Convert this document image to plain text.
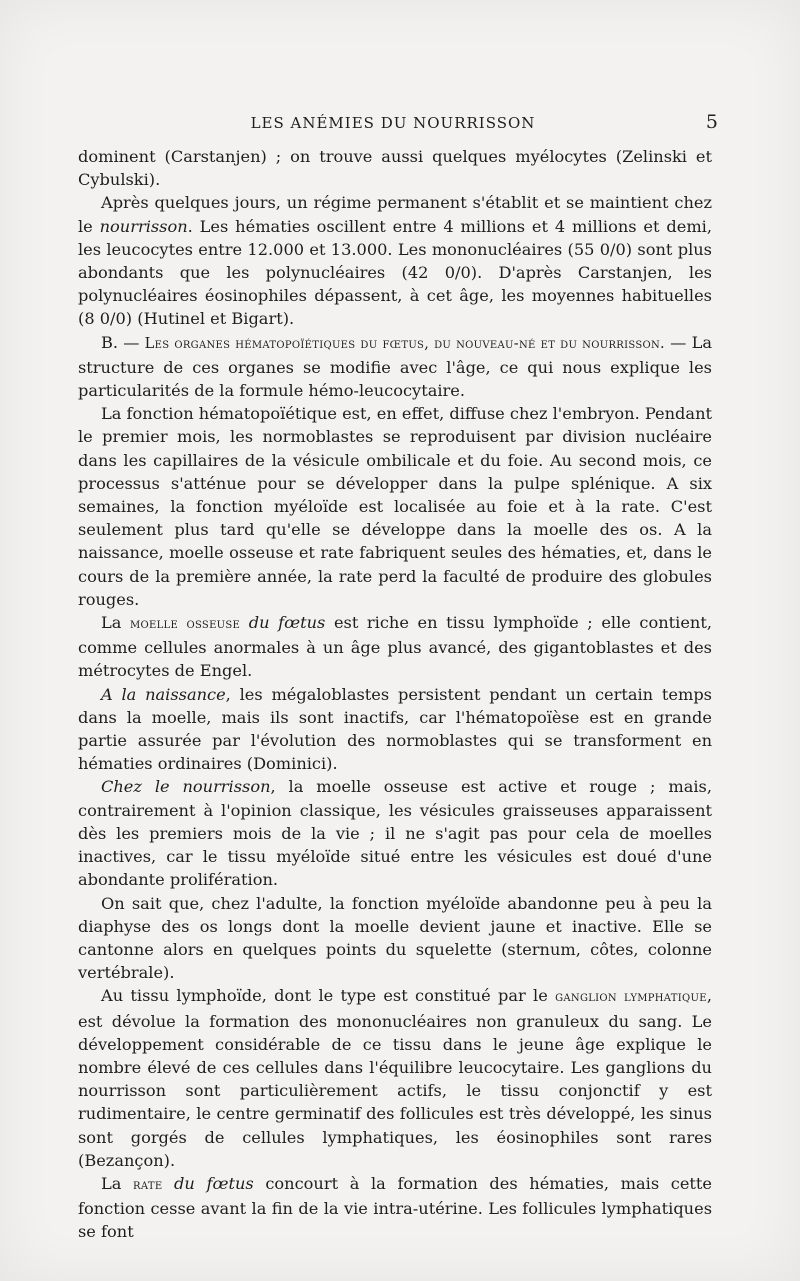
LES ANÉMIES DU NOURRISSON	5

dominent (Carstanjen) ; on trouve aussi quelques myélocytes (Zelinski et Cybulski).

Après quelques jours, un régime permanent s'établit et se maintient chez le nourrisson. Les hématies oscillent entre 4 millions et 4 millions et demi, les leucocytes entre 12.000 et 13.000. Les mononucléaires (55 0/0) sont plus abondants que les polynucléaires (42 0/0). D'après Carstanjen, les polynucléaires éosinophiles dépassent, à cet âge, les moyennes habituelles (8 0/0) (Hutinel et Bigart).

B. — Les organes hématopoïétiques du fœtus, du nouveau-né et du nourrisson. — La structure de ces organes se modifie avec l'âge, ce qui nous explique les particularités de la formule hémo-leucocytaire.

La fonction hématopoïétique est, en effet, diffuse chez l'embryon. Pendant le premier mois, les normoblastes se reproduisent par division nucléaire dans les capillaires de la vésicule ombilicale et du foie. Au second mois, ce processus s'atténue pour se développer dans la pulpe splénique. A six semaines, la fonction myéloïde est localisée au foie et à la rate. C'est seulement plus tard qu'elle se développe dans la moelle des os. A la naissance, moelle osseuse et rate fabriquent seules des hématies, et, dans le cours de la première année, la rate perd la faculté de produire des globules rouges.

La moelle osseuse du fœtus est riche en tissu lymphoïde ; elle contient, comme cellules anormales à un âge plus avancé, des gigantoblastes et des métrocytes de Engel.

A la naissance, les mégaloblastes persistent pendant un certain temps dans la moelle, mais ils sont inactifs, car l'hématopoïèse est en grande partie assurée par l'évolution des normoblastes qui se transforment en hématies ordinaires (Dominici).

Chez le nourrisson, la moelle osseuse est active et rouge ; mais, contrairement à l'opinion classique, les vésicules graisseuses apparaissent dès les premiers mois de la vie ; il ne s'agit pas pour cela de moelles inactives, car le tissu myéloïde situé entre les vésicules est doué d'une abondante prolifération.

On sait que, chez l'adulte, la fonction myéloïde abandonne peu à peu la diaphyse des os longs dont la moelle devient jaune et inactive. Elle se cantonne alors en quelques points du squelette (sternum, côtes, colonne vertébrale).

Au tissu lymphoïde, dont le type est constitué par le ganglion lymphatique, est dévolue la formation des mononucléaires non granuleux du sang. Le développement considérable de ce tissu dans le jeune âge explique le nombre élevé de ces cellules dans l'équilibre leucocytaire. Les ganglions du nourrisson sont particulièrement actifs, le tissu conjonctif y est rudimentaire, le centre germinatif des follicules est très développé, les sinus sont gorgés de cellules lymphatiques, les éosinophiles sont rares (Bezançon).

La rate du fœtus concourt à la formation des hématies, mais cette fonction cesse avant la fin de la vie intra-utérine. Les follicules lymphatiques se font
